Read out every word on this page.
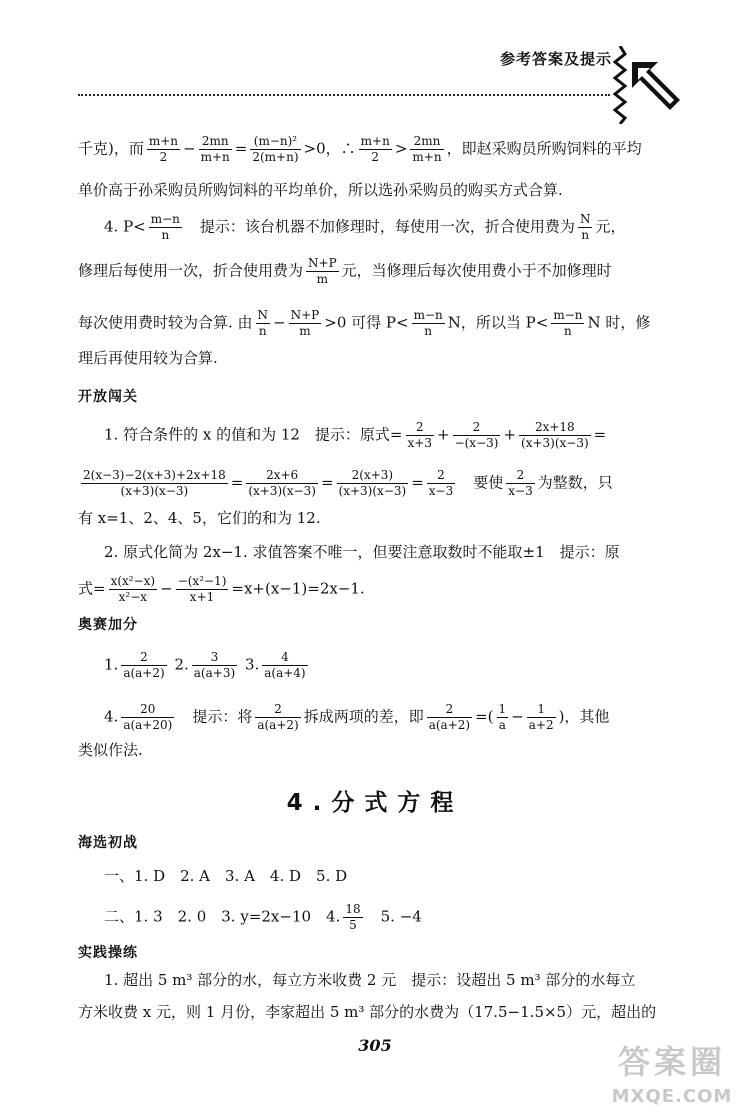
参考答案及提示
千克)，而 $\frac{m+n}{2} - \frac{2mn}{m+n} = \frac{\text{(m−n)²}}{2(m+n)} >0$，∴ $\frac{m+n}{2} > \frac{2mn}{m+n}$ ，即赵采购员所购饲料的平均
单价高于孙采购员所购饲料的平均单价，所以选孙采购员的购买方式合算.
4. $P< \frac{m-n}{n}$ 　提示：该台机器不加修理时，每使用一次，折合使用费为 $\frac{N}{n}$ 元，
修理后每使用一次，折合使用费为 $\frac{N+P}{m}$ 元，当修理后每次使用费小于不加修理时
每次使用费时较为合算. 由 $\frac{N}{n} - \frac{N+P}{m} >0$ 可得 $P< \frac{m-n}{n}$ N，所以当 $P< \frac{m-n}{n}$ N 时，修
理后再使用较为合算.
开放闯关
1. 符合条件的 x 的值和为 12　提示：原式= $\frac{2}{x+3} + \frac{2}{-(x-3)} + \frac{2x+18}{(x+3)(x-3)}$ =
$\frac{2(x-3)-2(x+3)+2x+18}{(x+3)(x-3)} = \frac{2x+6}{(x+3)(x-3)} = \frac{2(x+3)}{(x+3)(x-3)} = \frac{2}{x-3}$ 　要使 $\frac{2}{x-3}$ 为整数，只
有 x=1、2、4、5，它们的和为 12.
2. 原式化简为 2x−1. 求值答案不唯一，但要注意取数时不能取±1　提示：原
式= $\frac{\text{x(x²−x)}}{\text{x²−x}} - \frac{\text{−(x²−1)}}{x+1} =x+(x-1)=2x-1$.
奥赛加分
1. $\frac{2}{a(a+2)} 2$. $\frac{3}{a(a+3)} 3$. $\frac{4}{a(a+4)}$
4. $\frac{20}{a(a+20)}$ 　提示：将 $\frac{2}{a(a+2)}$ 拆成两项的差，即 $\frac{2}{a(a+2)}$ =( $\frac{1}{a} - \frac{1}{a+2}$ )，其他
类似作法.
4.分式方程
海选初战
一、1. D　2. A　3. A　4. D　5. D
二、1. 3　2. 0　3. y=2x−10　4. $\frac{18}{5}$ 　5. −4
实践操练
1. 超出 5 m³ 部分的水，每立方米收费 2 元　提示：设超出 5 m³ 部分的水每立
方米收费 x 元，则 1 月份，李家超出 5 m³ 部分的水费为（17.5−1.5×5）元，超出的
305	答案圈
MXQE.COM
